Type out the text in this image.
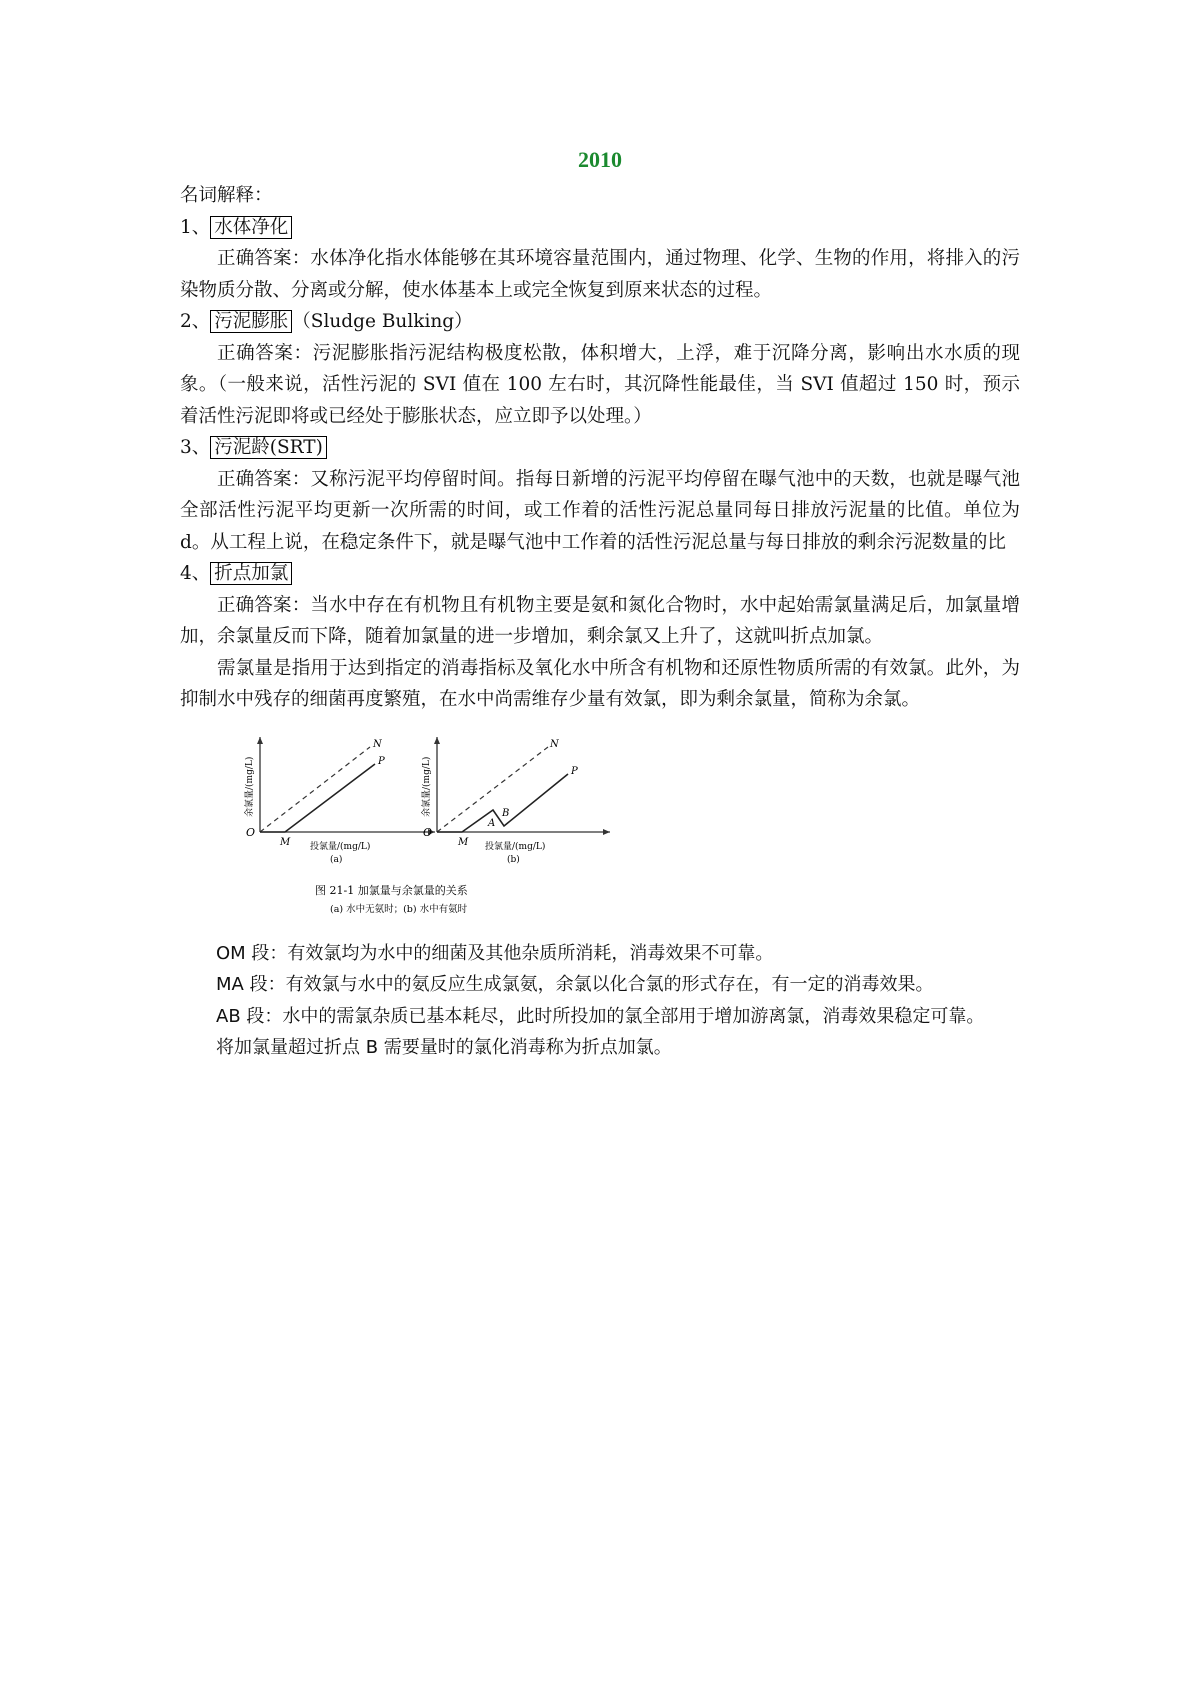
2010

名词解释：

1、 水体净化

正确答案：水体净化指水体能够在其环境容量范围内，通过物理、化学、生物的作用，将排入的污染物质分散、分离或分解，使水体基本上或完全恢复到原来状态的过程。

2、 污泥膨胀 （Sludge Bulking）

正确答案：污泥膨胀指污泥结构极度松散，体积增大，上浮，难于沉降分离，影响出水水质的现象。（一般来说，活性污泥的 SVI 值在 100 左右时，其沉降性能最佳，当 SVI 值超过 150 时，预示着活性污泥即将或已经处于膨胀状态，应立即予以处理。）

3、 污泥龄(SRT)

正确答案：又称污泥平均停留时间。指每日新增的污泥平均停留在曝气池中的天数，也就是曝气池全部活性污泥平均更新一次所需的时间，或工作着的活性污泥总量同每日排放污泥量的比值。单位为 d。从工程上说，在稳定条件下，就是曝气池中工作着的活性污泥总量与每日排放的剩余污泥数量的比

4、 折点加氯

正确答案：当水中存在有机物且有机物主要是氨和氮化合物时，水中起始需氯量满足后，加氯量增加，余氯量反而下降，随着加氯量的进一步增加，剩余氯又上升了，这就叫折点加氯。

需氯量是指用于达到指定的消毒指标及氧化水中所含有机物和还原性物质所需的有效氯。此外，为抑制水中残存的细菌再度繁殖，在水中尚需维存少量有效氯，即为剩余氯量，简称为余氯。

O
M
N
P
余氯量/(mg/L)
投氯量/(mg/L)
(a)
O
M
A
B
N
P
余氯量/(mg/L)
投氯量/(mg/L)
(b)
图 21-1 加氯量与余氯量的关系
(a) 水中无氨时；(b) 水中有氨时

OM 段：有效氯均为水中的细菌及其他杂质所消耗，消毒效果不可靠。

MA 段：有效氯与水中的氨反应生成氯氨，余氯以化合氯的形式存在，有一定的消毒效果。

AB 段：水中的需氯杂质已基本耗尽，此时所投加的氯全部用于增加游离氯，消毒效果稳定可靠。

将加氯量超过折点 B 需要量时的氯化消毒称为折点加氯。
